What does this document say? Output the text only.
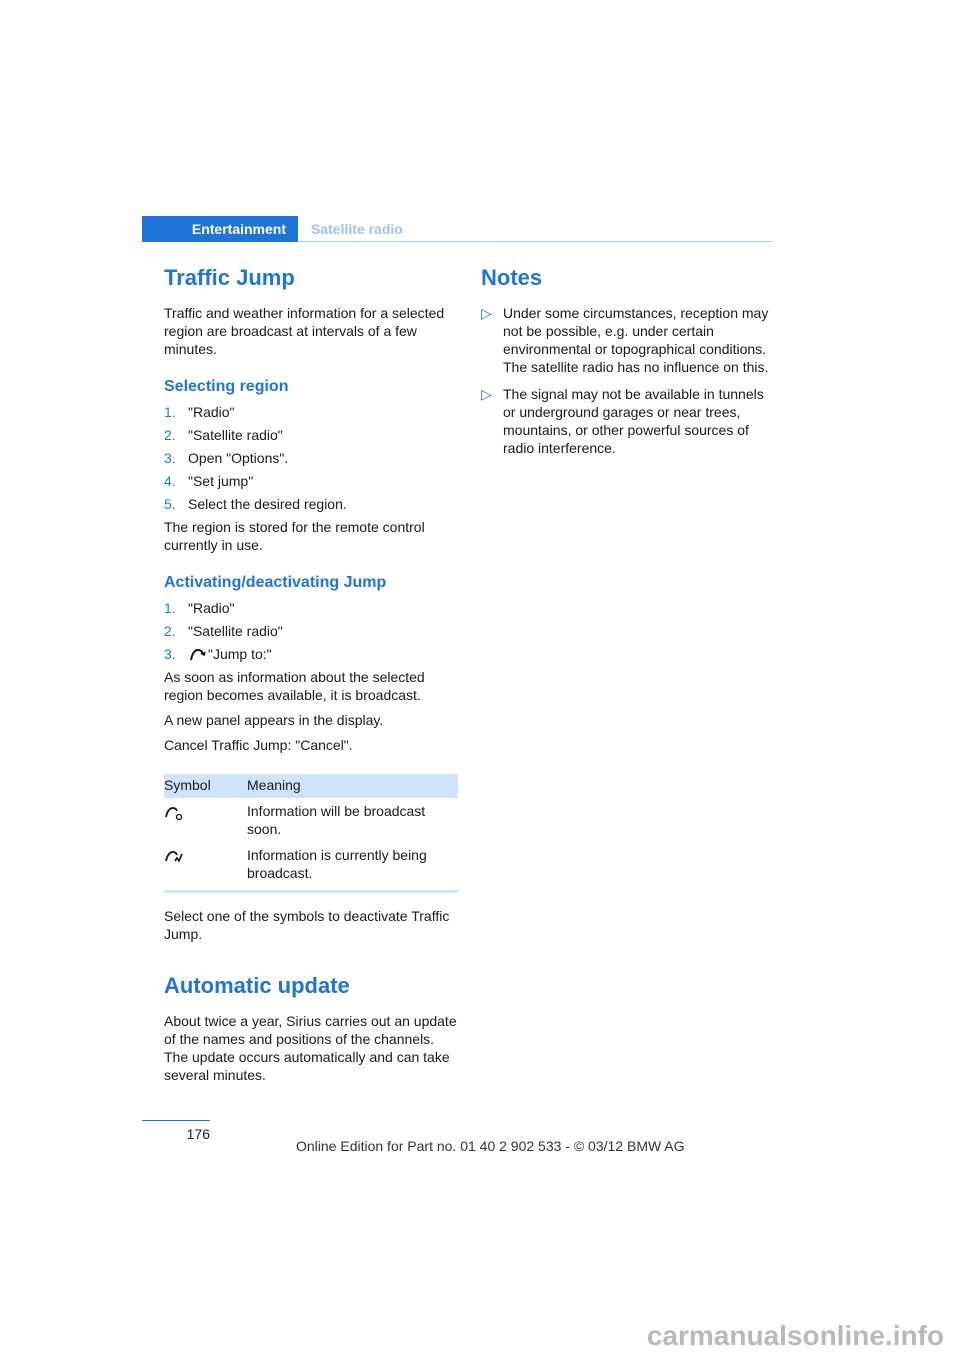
Entertainment	Satellite radio
Traffic Jump

Traffic and weather information for a selected region are broadcast at intervals of a few minutes.

Selecting region
1. "Radio"
2. "Satellite radio"
3. Open "Options".
4. "Set jump"
5. Select the desired region.

The region is stored for the remote control currently in use.

Activating/deactivating Jump
1. "Radio"
2. "Satellite radio"
3. "Jump to:"

As soon as information about the selected region becomes available, it is broadcast.

A new panel appears in the display.

Cancel Traffic Jump: "Cancel".

Symbol	Meaning
	Information will be broadcast soon.
	Information is currently being broadcast.

Select one of the symbols to deactivate Traffic Jump.

Automatic update

About twice a year, Sirius carries out an update of the names and positions of the channels. The update occurs automatically and can take several minutes.

Notes
▷ Under some circumstances, reception may not be possible, e.g. under certain environmental or topographical conditions. The satellite radio has no influence on this.
▷ The signal may not be available in tunnels or underground garages or near trees, mountains, or other powerful sources of radio interference.
176
Online Edition for Part no. 01 40 2 902 533 - © 03/12 BMW AG
carmanualsonline.info
